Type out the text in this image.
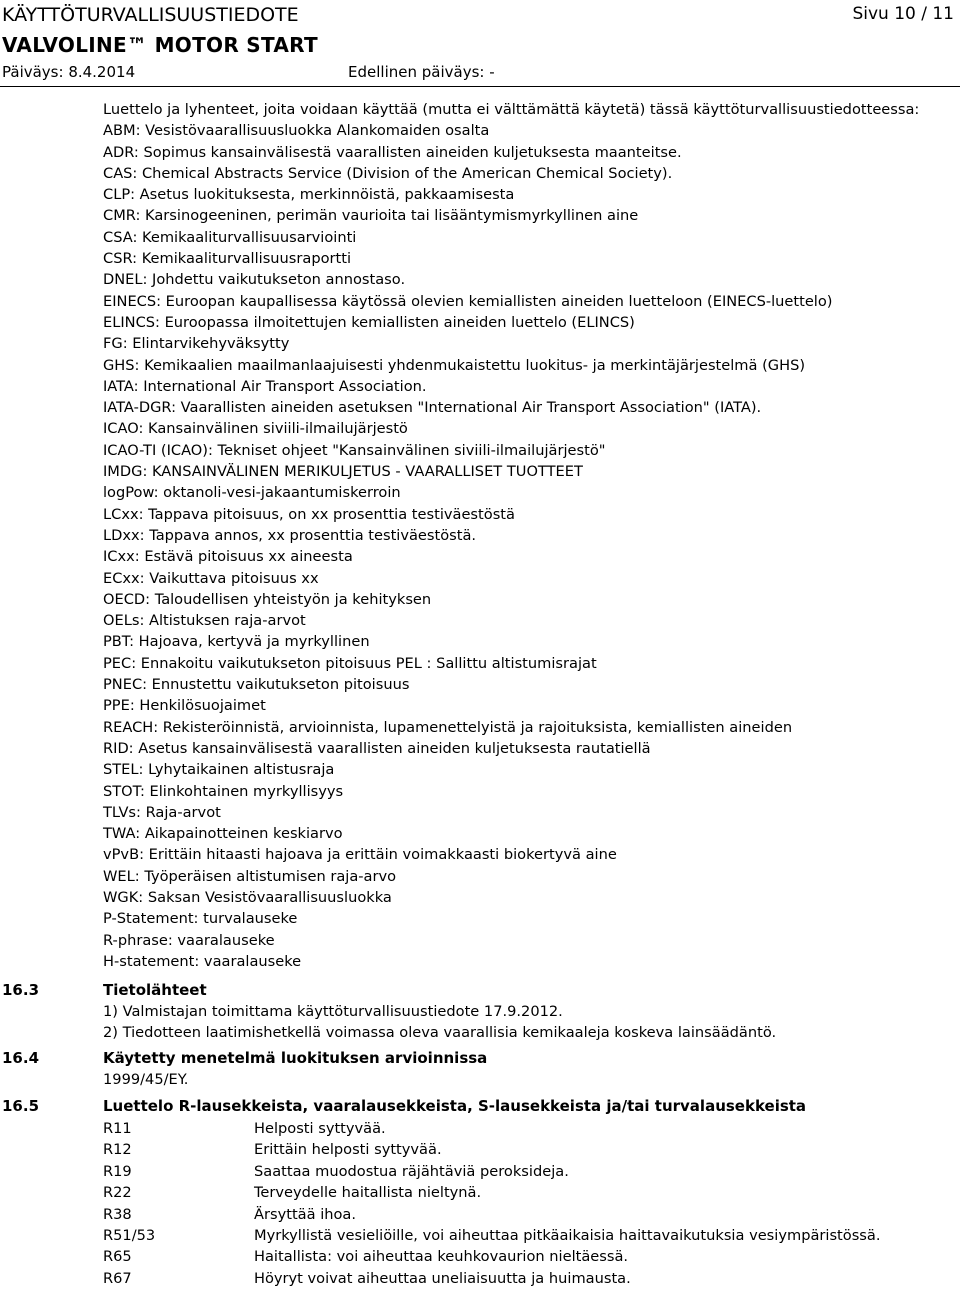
KÄYTTÖTURVALLISUUSTIEDOTE	Sivu 10 / 11
VALVOLINE™ MOTOR START
Päiväys: 8.4.2014	Edellinen päiväys: -
Luettelo ja lyhenteet, joita voidaan käyttää (mutta ei välttämättä käytetä) tässä käyttöturvallisuustiedotteessa:
ABM: Vesistövaarallisuusluokka Alankomaiden osalta
ADR: Sopimus kansainvälisestä vaarallisten aineiden kuljetuksesta maanteitse.
CAS: Chemical Abstracts Service (Division of the American Chemical Society).
CLP: Asetus luokituksesta, merkinnöistä, pakkaamisesta
CMR: Karsinogeeninen, perimän vaurioita tai lisääntymismyrkyllinen aine
CSA: Kemikaaliturvallisuusarviointi
CSR: Kemikaaliturvallisuusraportti
DNEL: Johdettu vaikutukseton annostaso.
EINECS: Euroopan kaupallisessa käytössä olevien kemiallisten aineiden luetteloon (EINECS-luettelo)
ELINCS: Euroopassa ilmoitettujen kemiallisten aineiden luettelo (ELINCS)
FG: Elintarvikehyväksytty
GHS: Kemikaalien maailmanlaajuisesti yhdenmukaistettu luokitus- ja merkintäjärjestelmä (GHS)
IATA: International Air Transport Association.
IATA-DGR: Vaarallisten aineiden asetuksen "International Air Transport Association" (IATA).
ICAO: Kansainvälinen siviili-ilmailujärjestö
ICAO-TI (ICAO): Tekniset ohjeet "Kansainvälinen siviili-ilmailujärjestö"
IMDG: KANSAINVÄLINEN MERIKULJETUS - VAARALLISET TUOTTEET
logPow: oktanoli-vesi-jakaantumiskerroin
LCxx: Tappava pitoisuus, on xx prosenttia testiväestöstä
LDxx: Tappava annos, xx prosenttia testiväestöstä.
ICxx: Estävä pitoisuus xx aineesta
ECxx: Vaikuttava pitoisuus xx
OECD: Taloudellisen yhteistyön ja kehityksen
OELs: Altistuksen raja-arvot
PBT: Hajoava, kertyvä ja myrkyllinen
PEC: Ennakoitu vaikutukseton pitoisuus PEL : Sallittu altistumisrajat
PNEC: Ennustettu vaikutukseton pitoisuus
PPE: Henkilösuojaimet
REACH: Rekisteröinnistä, arvioinnista, lupamenettelyistä ja rajoituksista, kemiallisten aineiden
RID: Asetus kansainvälisestä vaarallisten aineiden kuljetuksesta rautatiellä
STEL: Lyhytaikainen altistusraja
STOT: Elinkohtainen myrkyllisyys
TLVs: Raja-arvot
TWA: Aikapainotteinen keskiarvo
vPvB: Erittäin hitaasti hajoava ja erittäin voimakkaasti biokertyvä aine
WEL: Työperäisen altistumisen raja-arvo
WGK: Saksan Vesistövaarallisuusluokka
P-Statement: turvalauseke
R-phrase: vaaralauseke
H-statement: vaaralauseke
16.3	Tietolähteet
1) Valmistajan toimittama käyttöturvallisuustiedote 17.9.2012.
2) Tiedotteen laatimishetkellä voimassa oleva vaarallisia kemikaaleja koskeva lainsäädäntö.
16.4	Käytetty menetelmä luokituksen arvioinnissa
1999/45/EY.
16.5	Luettelo R-lausekkeista, vaaralausekkeista, S-lausekkeista ja/tai turvalausekkeista
R11	Helposti syttyvää.
R12	Erittäin helposti syttyvää.
R19	Saattaa muodostua räjähtäviä peroksideja.
R22	Terveydelle haitallista nieltynä.
R38	Ärsyttää ihoa.
R51/53	Myrkyllistä vesieliöille, voi aiheuttaa pitkäaikaisia haittavaikutuksia vesiympäristössä.
R65	Haitallista: voi aiheuttaa keuhkovaurion nieltäessä.
R67	Höyryt voivat aiheuttaa uneliaisuutta ja huimausta.
